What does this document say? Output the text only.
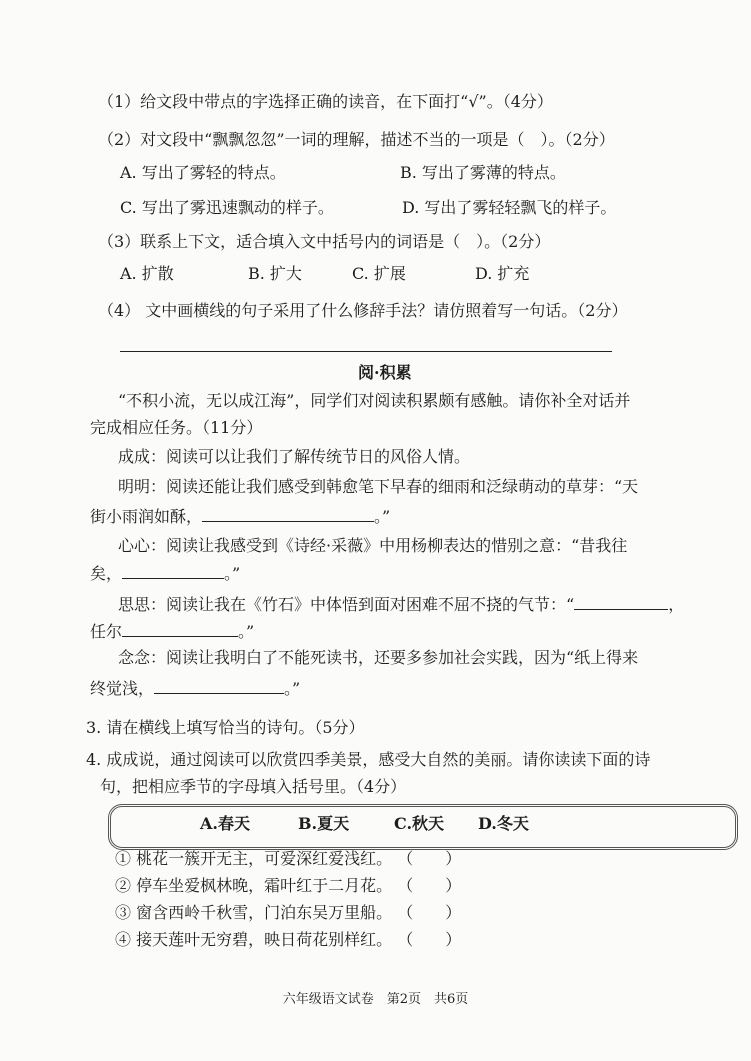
（1）给文段中带点的字选择正确的读音，在下面打“√”。（4分）
（2）对文段中“飘飘忽忽”一词的理解，描述不当的一项是（　）。（2分）
A. 写出了雾轻的特点。	B. 写出了雾薄的特点。
C. 写出了雾迅速飘动的样子。	D. 写出了雾轻轻飘飞的样子。
（3）联系上下文，适合填入文中括号内的词语是（　）。（2分）
A. 扩散	B. 扩大	C. 扩展	D. 扩充
（4） 文中画横线的句子采用了什么修辞手法？请仿照着写一句话。（2分）
阅·积累
“不积小流，无以成江海”，同学们对阅读积累颇有感触。请你补全对话并
完成相应任务。（11分）
成成：阅读可以让我们了解传统节日的风俗人情。
明明：阅读还能让我们感受到韩愈笔下早春的细雨和泛绿萌动的草芽：“天
街小雨润如酥，	。”
心心：阅读让我感受到《诗经·采薇》中用杨柳表达的惜别之意：“昔我往
矣，	。”
思思：阅读让我在《竹石》中体悟到面对困难不屈不挠的气节：“	，
任尔	。”
念念：阅读让我明白了不能死读书，还要多参加社会实践，因为“纸上得来
终觉浅，	。”
3. 请在横线上填写恰当的诗句。（5分）
4. 成成说，通过阅读可以欣赏四季美景，感受大自然的美丽。请你读读下面的诗
句，把相应季节的字母填入括号里。（4分）
A.春天	B.夏天	C.秋天 D.冬天
① 桃花一簇开无主，可爱深红爱浅红。 （　　）
② 停车坐爱枫林晚，霜叶红于二月花。 （　　）
③ 窗含西岭千秋雪，门泊东吴万里船。 （　　）
④ 接天莲叶无穷碧，映日荷花别样红。 （　　）
六年级语文试卷　第2页　共6页
